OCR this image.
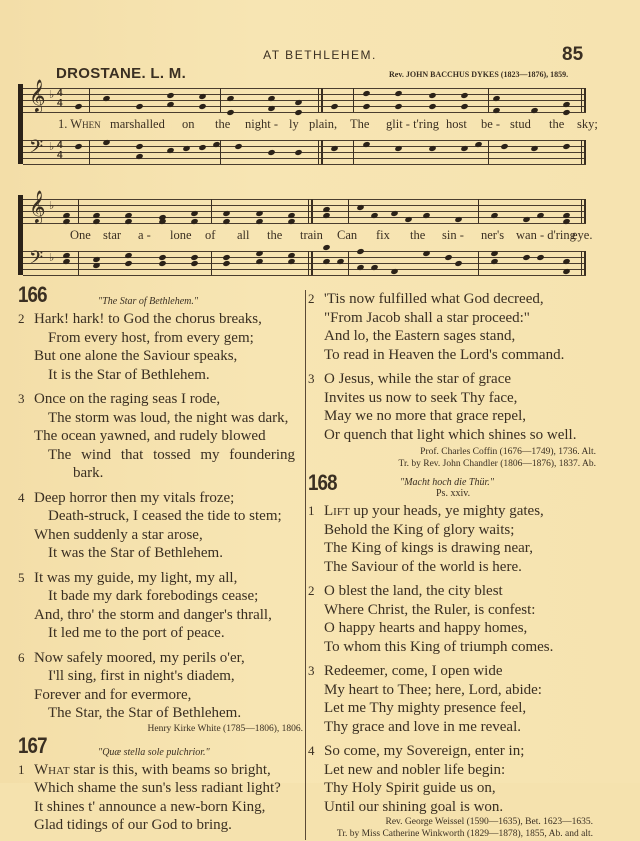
AT BETHLEHEM.	85
DROSTANE. L. M.	Rev. JOHN BACCHUS DYKES (1823—1876), 1859.
𝄞 ♭ 4
4
1. When marshalled on the night - ly plain, The glit - t'ring host be - stud the sky;
𝄢 ♭ 4
4
𝄞 ♭
One star a - lone of all the train Can fix the sin - ner's wan - d'ring
eye.
𝄢 ♭
166	"The Star of Bethlehem."
2 Hark! hark! to God the chorus breaks,
From every host, from every gem;
But one alone the Saviour speaks,
It is the Star of Bethlehem.
3 Once on the raging seas I rode,
The storm was loud, the night was dark,
The ocean yawned, and rudely blowed
The wind that tossed my foundering
bark.
4 Deep horror then my vitals froze;
Death-struck, I ceased the tide to stem;
When suddenly a star arose,
It was the Star of Bethlehem.
5 It was my guide, my light, my all,
It bade my dark forebodings cease;
And, thro' the storm and danger's thrall,
It led me to the port of peace.
6 Now safely moored, my perils o'er,
I'll sing, first in night's diadem,
Forever and for evermore,
The Star, the Star of Bethlehem.
Henry Kirke White (1785—1806), 1806.
167	"Quæ stella sole pulchrior."
1 What star is this, with beams so bright,
Which shame the sun's less radiant light?
It shines t' announce a new-born King,
Glad tidings of our God to bring.
2 'Tis now fulfilled what God decreed,
"From Jacob shall a star proceed:"
And lo, the Eastern sages stand,
To read in Heaven the Lord's command.
3 O Jesus, while the star of grace
Invites us now to seek Thy face,
May we no more that grace repel,
Or quench that light which shines so well.
Prof. Charles Coffin (1676—1749), 1736. Alt.
Tr. by Rev. John Chandler (1806—1876), 1837. Ab.
168	"Macht hoch die Thür."
Ps. xxiv.
1 Lift up your heads, ye mighty gates,
Behold the King of glory waits;
The King of kings is drawing near,
The Saviour of the world is here.
2 O blest the land, the city blest
Where Christ, the Ruler, is confest:
O happy hearts and happy homes,
To whom this King of triumph comes.
3 Redeemer, come, I open wide
My heart to Thee; here, Lord, abide:
Let me Thy mighty presence feel,
Thy grace and love in me reveal.
4 So come, my Sovereign, enter in;
Let new and nobler life begin:
Thy Holy Spirit guide us on,
Until our shining goal is won.
Rev. George Weissel (1590—1635), Bet. 1623—1635.
Tr. by Miss Catherine Winkworth (1829—1878), 1855, Ab. and alt.
